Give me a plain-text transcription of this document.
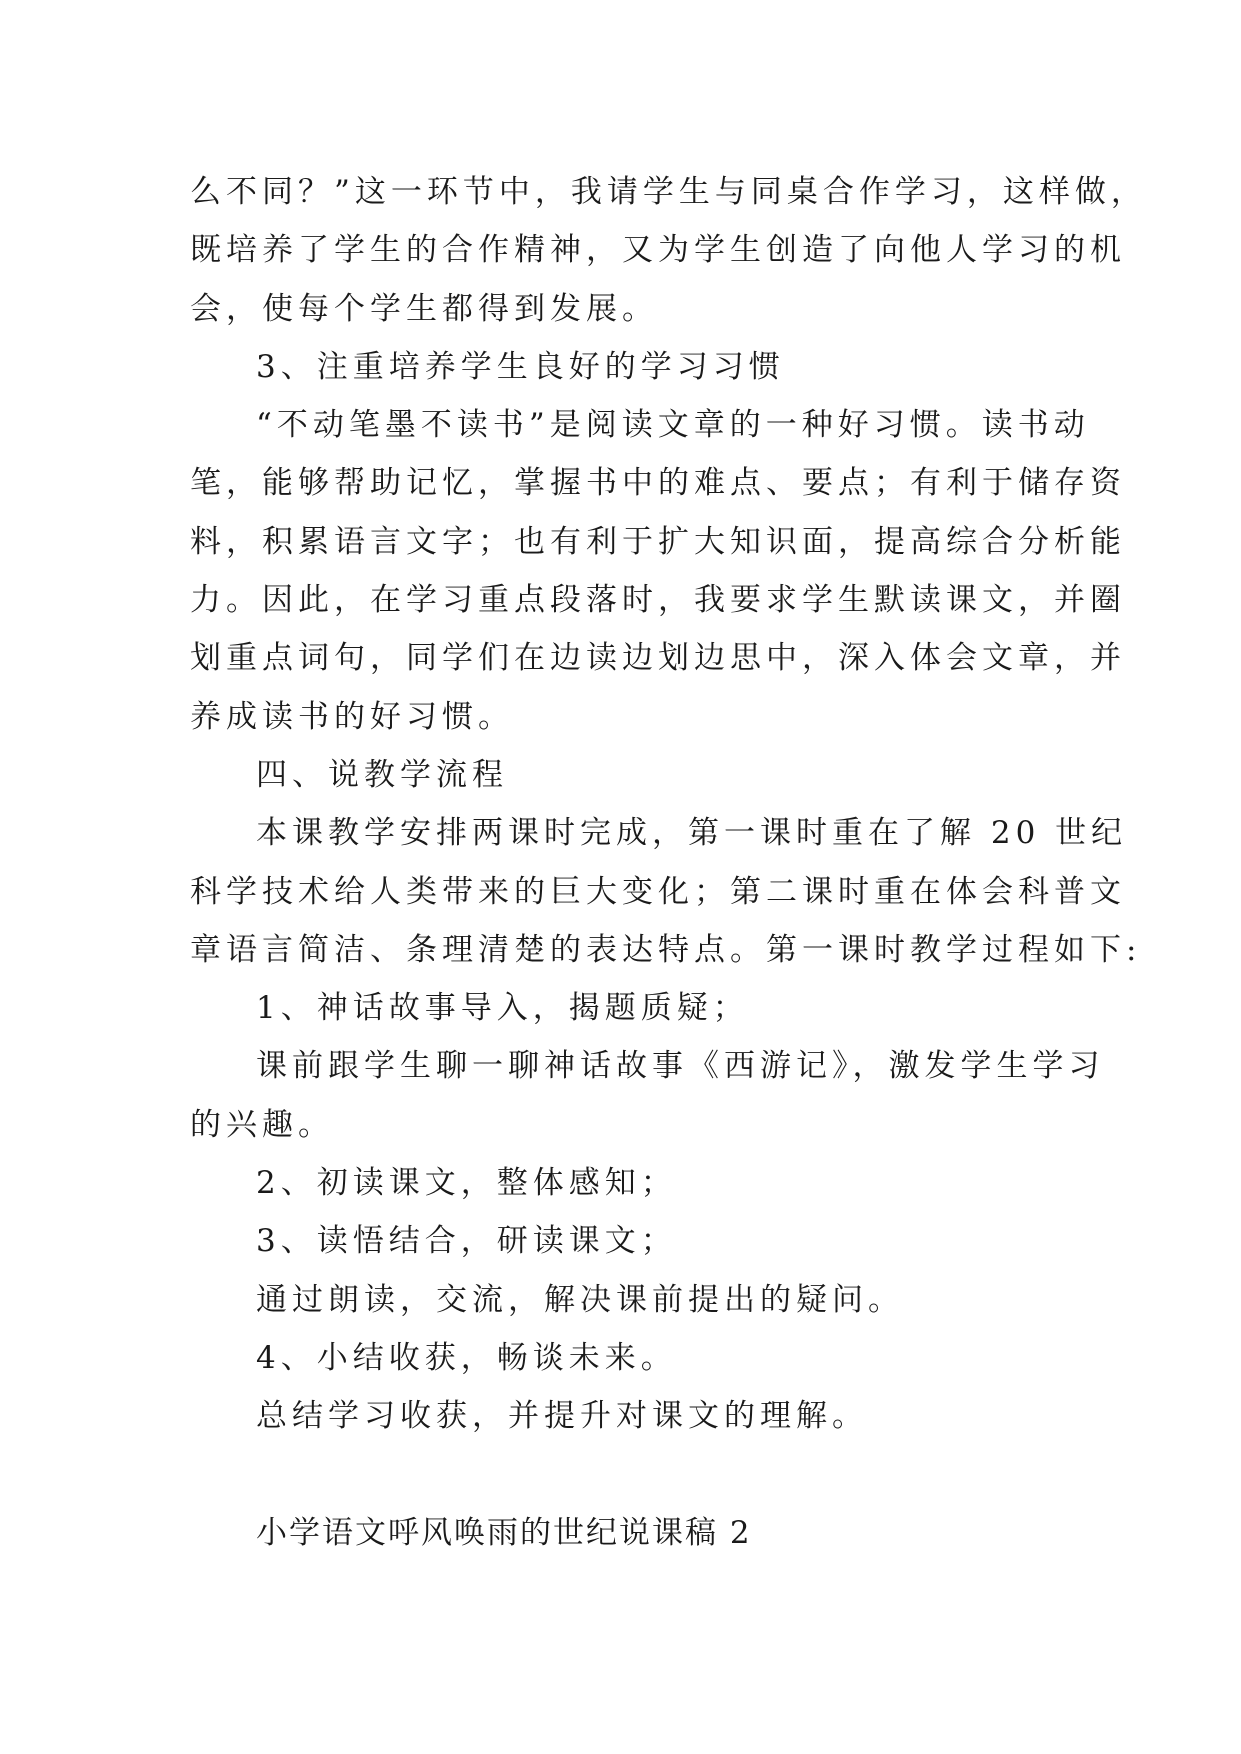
么不同？”这一环节中，我请学生与同桌合作学习，这样做，
既培养了学生的合作精神，又为学生创造了向他人学习的机
会，使每个学生都得到发展。
3、注重培养学生良好的学习习惯
“不动笔墨不读书”是阅读文章的一种好习惯。读书动
笔，能够帮助记忆，掌握书中的难点、要点；有利于储存资
料，积累语言文字；也有利于扩大知识面，提高综合分析能
力。因此，在学习重点段落时，我要求学生默读课文，并圈
划重点词句，同学们在边读边划边思中，深入体会文章，并
养成读书的好习惯。
四、说教学流程
本课教学安排两课时完成，第一课时重在了解 20 世纪
科学技术给人类带来的巨大变化；第二课时重在体会科普文
章语言简洁、条理清楚的表达特点。第一课时教学过程如下:
1、神话故事导入，揭题质疑；
课前跟学生聊一聊神话故事《西游记》，激发学生学习
的兴趣。
2、初读课文，整体感知；
3、读悟结合，研读课文；
通过朗读，交流，解决课前提出的疑问。
4、小结收获，畅谈未来。
总结学习收获，并提升对课文的理解。
小学语文呼风唤雨的世纪说课稿 2
